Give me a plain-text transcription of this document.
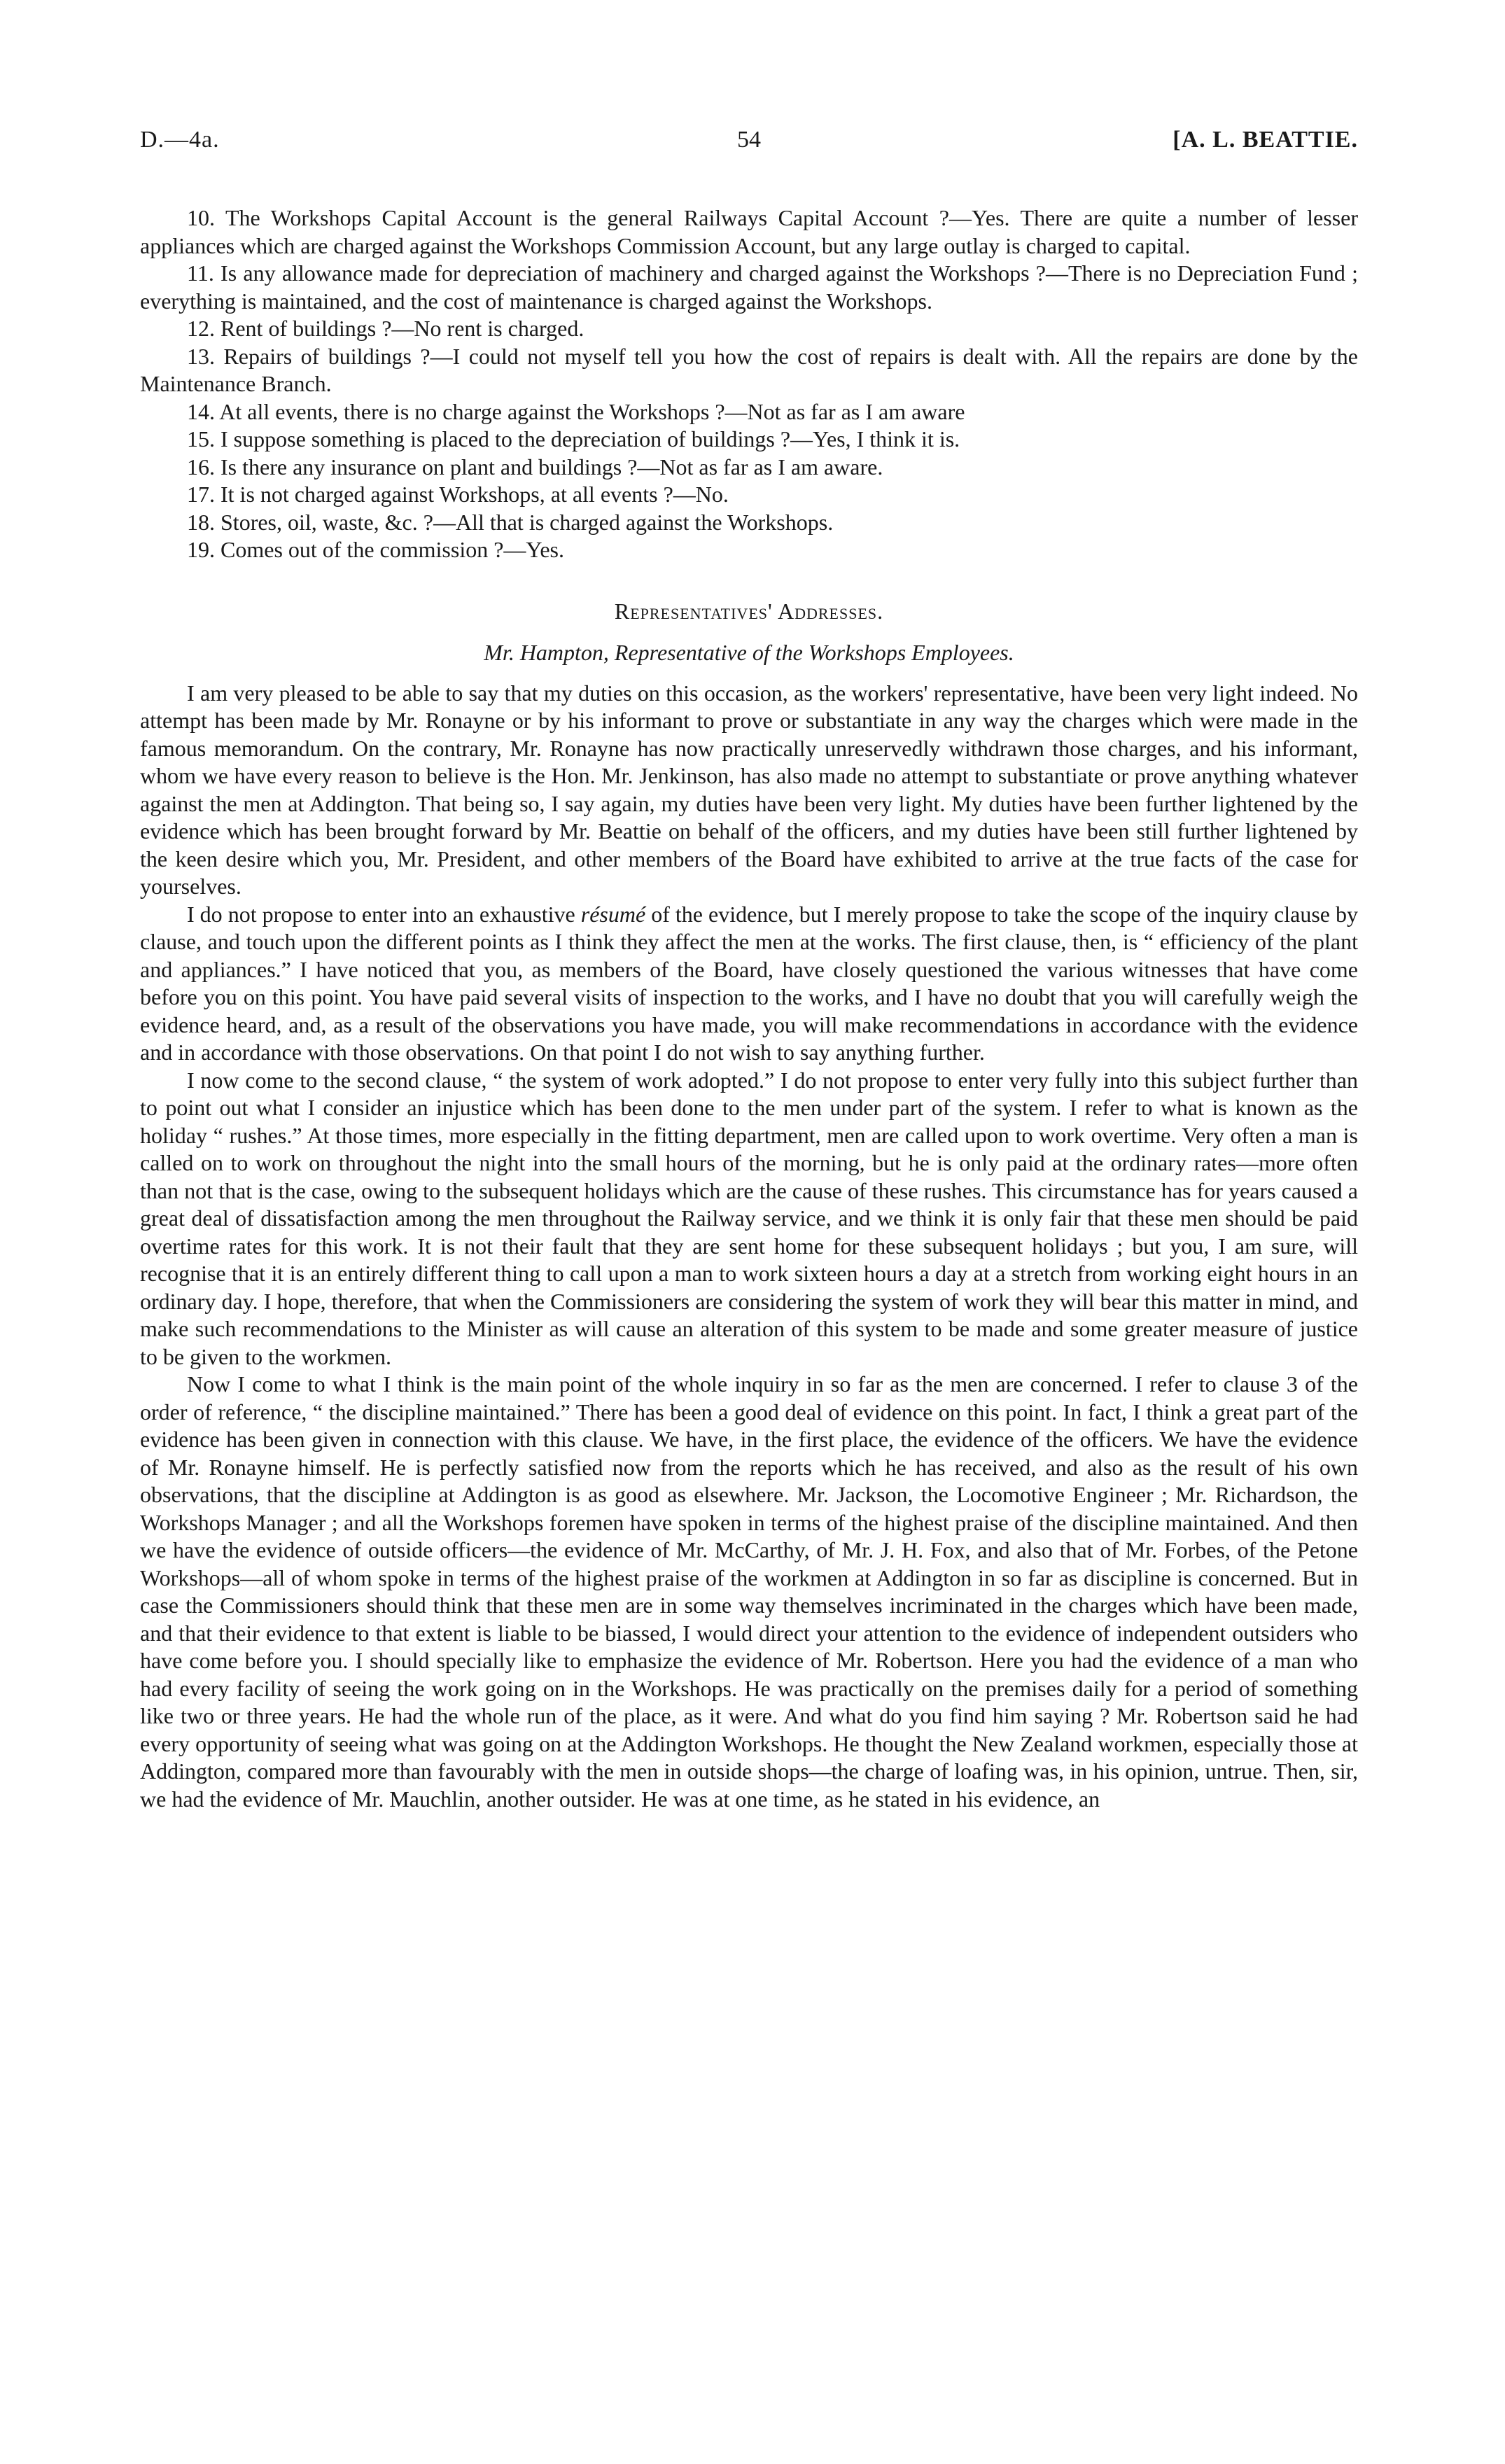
D.—4a.	54	[A. L. BEATTIE.

10. The Workshops Capital Account is the general Railways Capital Account ?—Yes. There are quite a number of lesser appliances which are charged against the Workshops Commission Account, but any large outlay is charged to capital.

11. Is any allowance made for depreciation of machinery and charged against the Workshops ?—There is no Depreciation Fund ; everything is maintained, and the cost of maintenance is charged against the Workshops.

12. Rent of buildings ?—No rent is charged.

13. Repairs of buildings ?—I could not myself tell you how the cost of repairs is dealt with. All the repairs are done by the Maintenance Branch.

14. At all events, there is no charge against the Workshops ?—Not as far as I am aware

15. I suppose something is placed to the depreciation of buildings ?—Yes, I think it is.

16. Is there any insurance on plant and buildings ?—Not as far as I am aware.

17. It is not charged against Workshops, at all events ?—No.

18. Stores, oil, waste, &c. ?—All that is charged against the Workshops.

19. Comes out of the commission ?—Yes.

Representatives' Addresses.
Mr. Hampton, Representative of the Workshops Employees.

I am very pleased to be able to say that my duties on this occasion, as the workers' representative, have been very light indeed. No attempt has been made by Mr. Ronayne or by his informant to prove or substantiate in any way the charges which were made in the famous memorandum. On the contrary, Mr. Ronayne has now practically unreservedly withdrawn those charges, and his informant, whom we have every reason to believe is the Hon. Mr. Jenkinson, has also made no attempt to substantiate or prove anything whatever against the men at Addington. That being so, I say again, my duties have been very light. My duties have been further lightened by the evidence which has been brought forward by Mr. Beattie on behalf of the officers, and my duties have been still further lightened by the keen desire which you, Mr. President, and other members of the Board have exhibited to arrive at the true facts of the case for yourselves.

I do not propose to enter into an exhaustive résumé of the evidence, but I merely propose to take the scope of the inquiry clause by clause, and touch upon the different points as I think they affect the men at the works. The first clause, then, is “ efficiency of the plant and appliances.” I have noticed that you, as members of the Board, have closely questioned the various witnesses that have come before you on this point. You have paid several visits of inspection to the works, and I have no doubt that you will carefully weigh the evidence heard, and, as a result of the observations you have made, you will make recommendations in accordance with the evidence and in accordance with those observations. On that point I do not wish to say anything further.

I now come to the second clause, “ the system of work adopted.” I do not propose to enter very fully into this subject further than to point out what I consider an injustice which has been done to the men under part of the system. I refer to what is known as the holiday “ rushes.” At those times, more especially in the fitting department, men are called upon to work overtime. Very often a man is called on to work on throughout the night into the small hours of the morning, but he is only paid at the ordinary rates—more often than not that is the case, owing to the subsequent holidays which are the cause of these rushes. This circumstance has for years caused a great deal of dissatisfaction among the men throughout the Railway service, and we think it is only fair that these men should be paid overtime rates for this work. It is not their fault that they are sent home for these subsequent holidays ; but you, I am sure, will recognise that it is an entirely different thing to call upon a man to work sixteen hours a day at a stretch from working eight hours in an ordinary day. I hope, therefore, that when the Commissioners are considering the system of work they will bear this matter in mind, and make such recommendations to the Minister as will cause an alteration of this system to be made and some greater measure of justice to be given to the workmen.

Now I come to what I think is the main point of the whole inquiry in so far as the men are concerned. I refer to clause 3 of the order of reference, “ the discipline maintained.” There has been a good deal of evidence on this point. In fact, I think a great part of the evidence has been given in connection with this clause. We have, in the first place, the evidence of the officers. We have the evidence of Mr. Ronayne himself. He is perfectly satisfied now from the reports which he has received, and also as the result of his own observations, that the discipline at Addington is as good as elsewhere. Mr. Jackson, the Locomotive Engineer ; Mr. Richardson, the Workshops Manager ; and all the Workshops foremen have spoken in terms of the highest praise of the discipline maintained. And then we have the evidence of outside officers—the evidence of Mr. McCarthy, of Mr. J. H. Fox, and also that of Mr. Forbes, of the Petone Workshops—all of whom spoke in terms of the highest praise of the workmen at Addington in so far as discipline is concerned. But in case the Commissioners should think that these men are in some way themselves incriminated in the charges which have been made, and that their evidence to that extent is liable to be biassed, I would direct your attention to the evidence of independent outsiders who have come before you. I should specially like to emphasize the evidence of Mr. Robertson. Here you had the evidence of a man who had every facility of seeing the work going on in the Workshops. He was practically on the premises daily for a period of something like two or three years. He had the whole run of the place, as it were. And what do you find him saying ? Mr. Robertson said he had every opportunity of seeing what was going on at the Addington Workshops. He thought the New Zealand workmen, especially those at Addington, compared more than favourably with the men in outside shops—the charge of loafing was, in his opinion, untrue. Then, sir, we had the evidence of Mr. Mauchlin, another outsider. He was at one time, as he stated in his evidence, an
